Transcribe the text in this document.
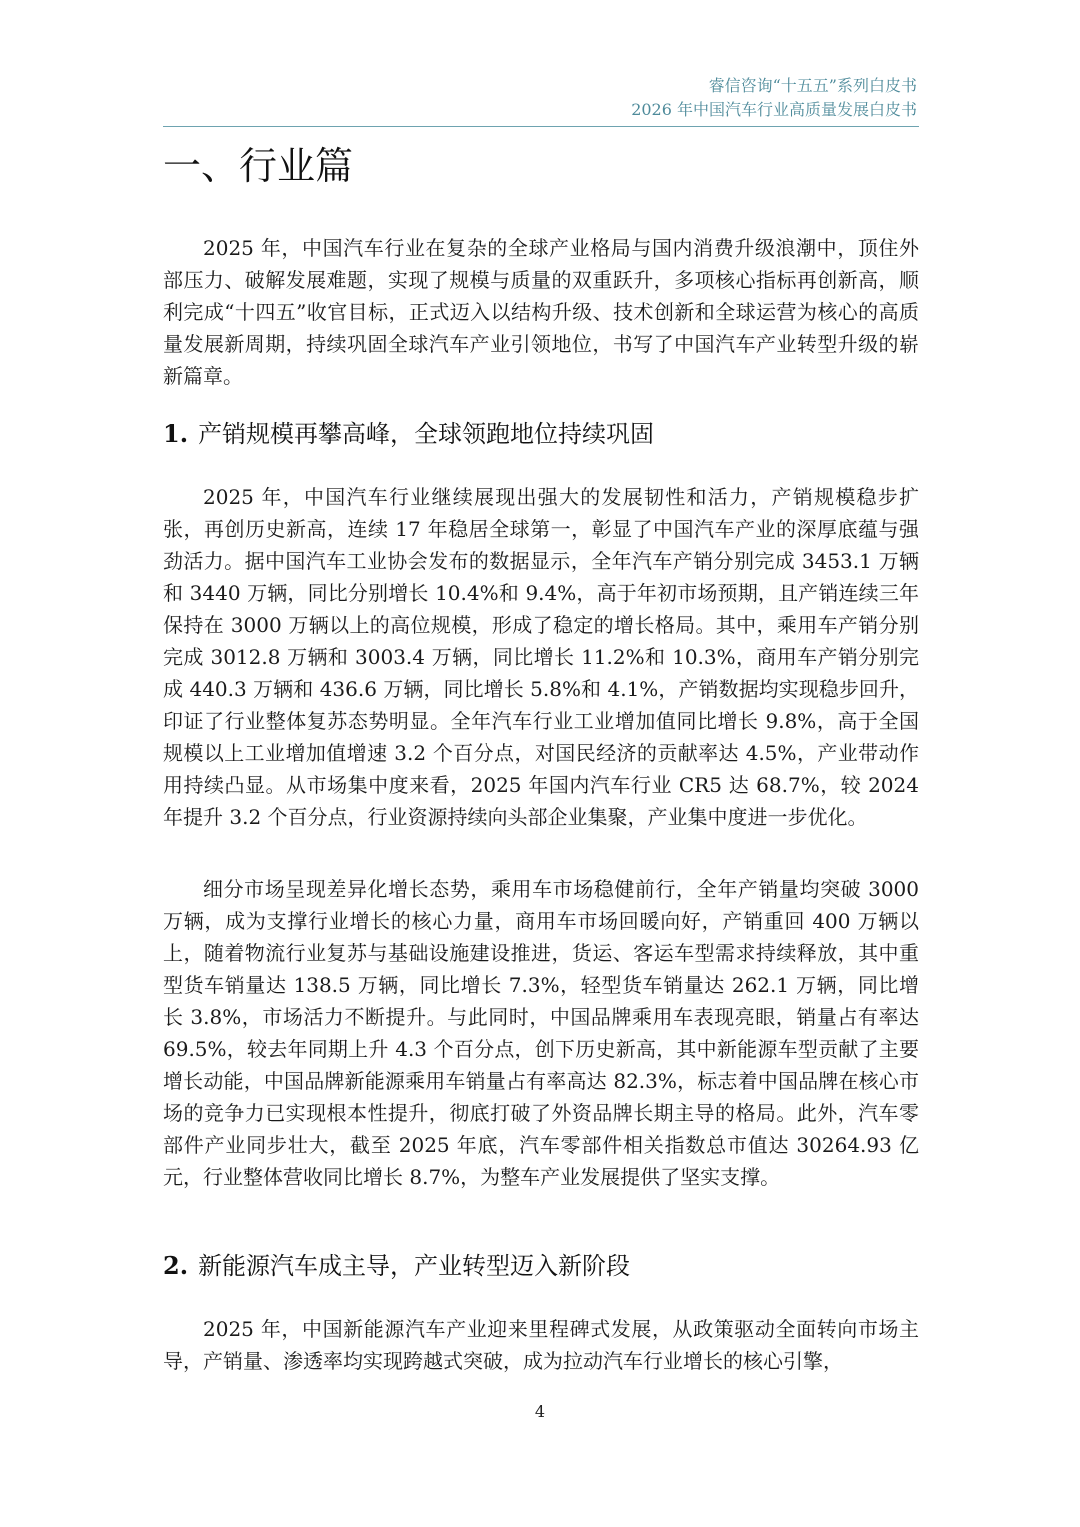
睿信咨询“十五五”系列白皮书
2026 年中国汽车行业高质量发展白皮书
一、行业篇

2025 年，中国汽车行业在复杂的全球产业格局与国内消费升级浪潮中，顶住外部压力、破解发展难题，实现了规模与质量的双重跃升，多项核心指标再创新高，顺利完成“十四五”收官目标，正式迈入以结构升级、技术创新和全球运营为核心的高质量发展新周期，持续巩固全球汽车产业引领地位，书写了中国汽车产业转型升级的崭新篇章。

1. 产销规模再攀高峰，全球领跑地位持续巩固

2025 年，中国汽车行业继续展现出强大的发展韧性和活力，产销规模稳步扩张，再创历史新高，连续 17 年稳居全球第一，彰显了中国汽车产业的深厚底蕴与强劲活力。据中国汽车工业协会发布的数据显示，全年汽车产销分别完成 3453.1 万辆和 3440 万辆，同比分别增长 10.4%和 9.4%，高于年初市场预期，且产销连续三年保持在 3000 万辆以上的高位规模，形成了稳定的增长格局。其中，乘用车产销分别完成 3012.8 万辆和 3003.4 万辆，同比增长 11.2%和 10.3%，商用车产销分别完成 440.3 万辆和 436.6 万辆，同比增长 5.8%和 4.1%，产销数据均实现稳步回升，印证了行业整体复苏态势明显。全年汽车行业工业增加值同比增长 9.8%，高于全国规模以上工业增加值增速 3.2 个百分点，对国民经济的贡献率达 4.5%，产业带动作用持续凸显。从市场集中度来看，2025 年国内汽车行业 CR5 达 68.7%，较 2024 年提升 3.2 个百分点，行业资源持续向头部企业集聚，产业集中度进一步优化。

细分市场呈现差异化增长态势，乘用车市场稳健前行，全年产销量均突破 3000 万辆，成为支撑行业增长的核心力量，商用车市场回暖向好，产销重回 400 万辆以上，随着物流行业复苏与基础设施建设推进，货运、客运车型需求持续释放，其中重型货车销量达 138.5 万辆，同比增长 7.3%，轻型货车销量达 262.1 万辆，同比增长 3.8%，市场活力不断提升。与此同时，中国品牌乘用车表现亮眼，销量占有率达 69.5%，较去年同期上升 4.3 个百分点，创下历史新高，其中新能源车型贡献了主要增长动能，中国品牌新能源乘用车销量占有率高达 82.3%，标志着中国品牌在核心市场的竞争力已实现根本性提升，彻底打破了外资品牌长期主导的格局。此外，汽车零部件产业同步壮大，截至 2025 年底，汽车零部件相关指数总市值达 30264.93 亿元，行业整体营收同比增长 8.7%，为整车产业发展提供了坚实支撑。

2. 新能源汽车成主导，产业转型迈入新阶段

2025 年，中国新能源汽车产业迎来里程碑式发展，从政策驱动全面转向市场主导，产销量、渗透率均实现跨越式突破，成为拉动汽车行业增长的核心引擎，

4
